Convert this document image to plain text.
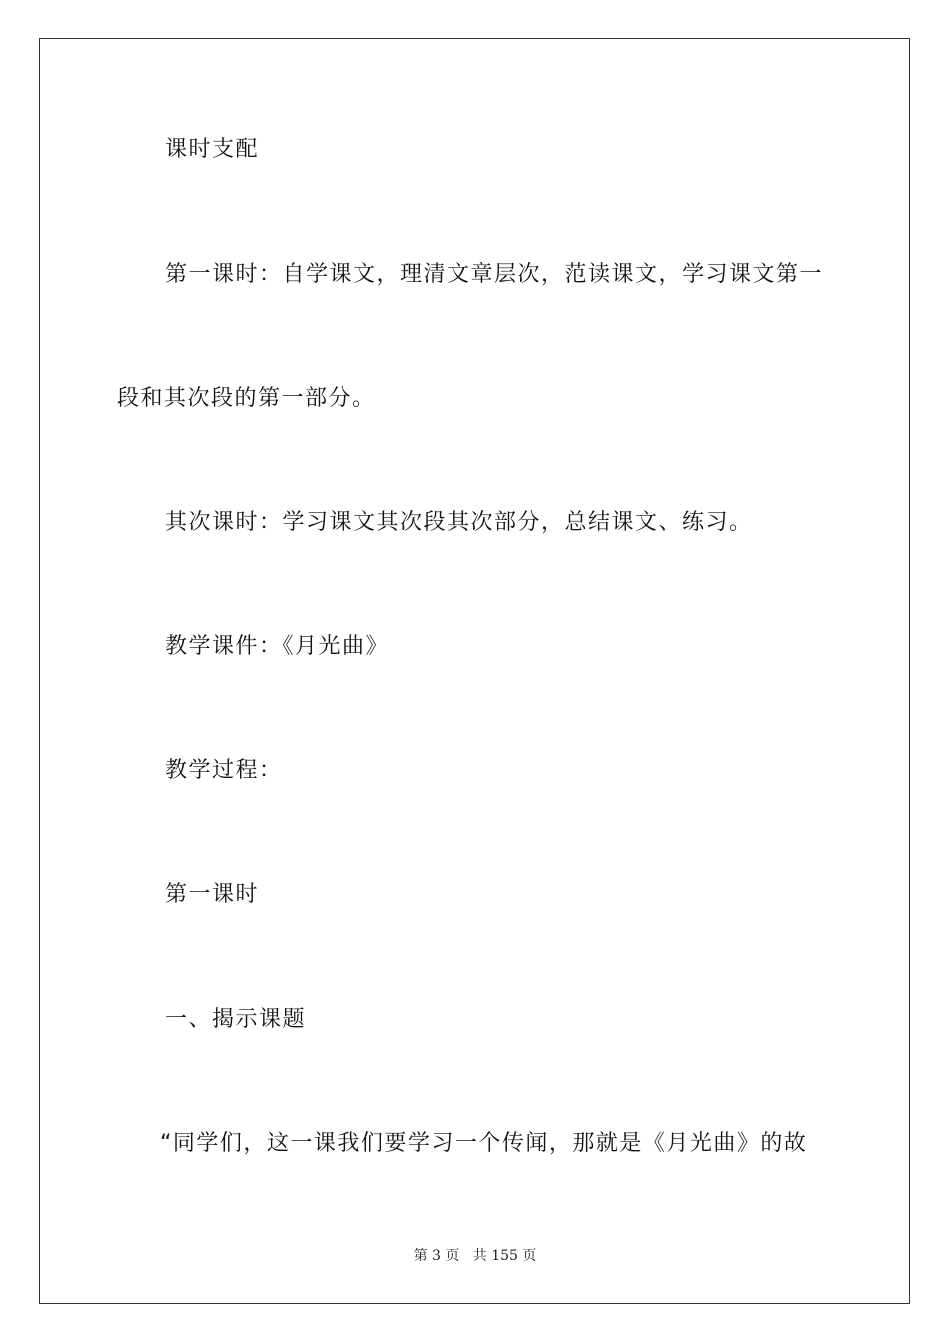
课时支配
第一课时：自学课文，理清文章层次，范读课文，学习课文第一
段和其次段的第一部分。
其次课时：学习课文其次段其次部分，总结课文、练习。
教学课件：《月光曲》
教学过程：
第一课时
一、揭示课题
“同学们，这一课我们要学习一个传闻，那就是《月光曲》的故
第 3 页 共 155 页
